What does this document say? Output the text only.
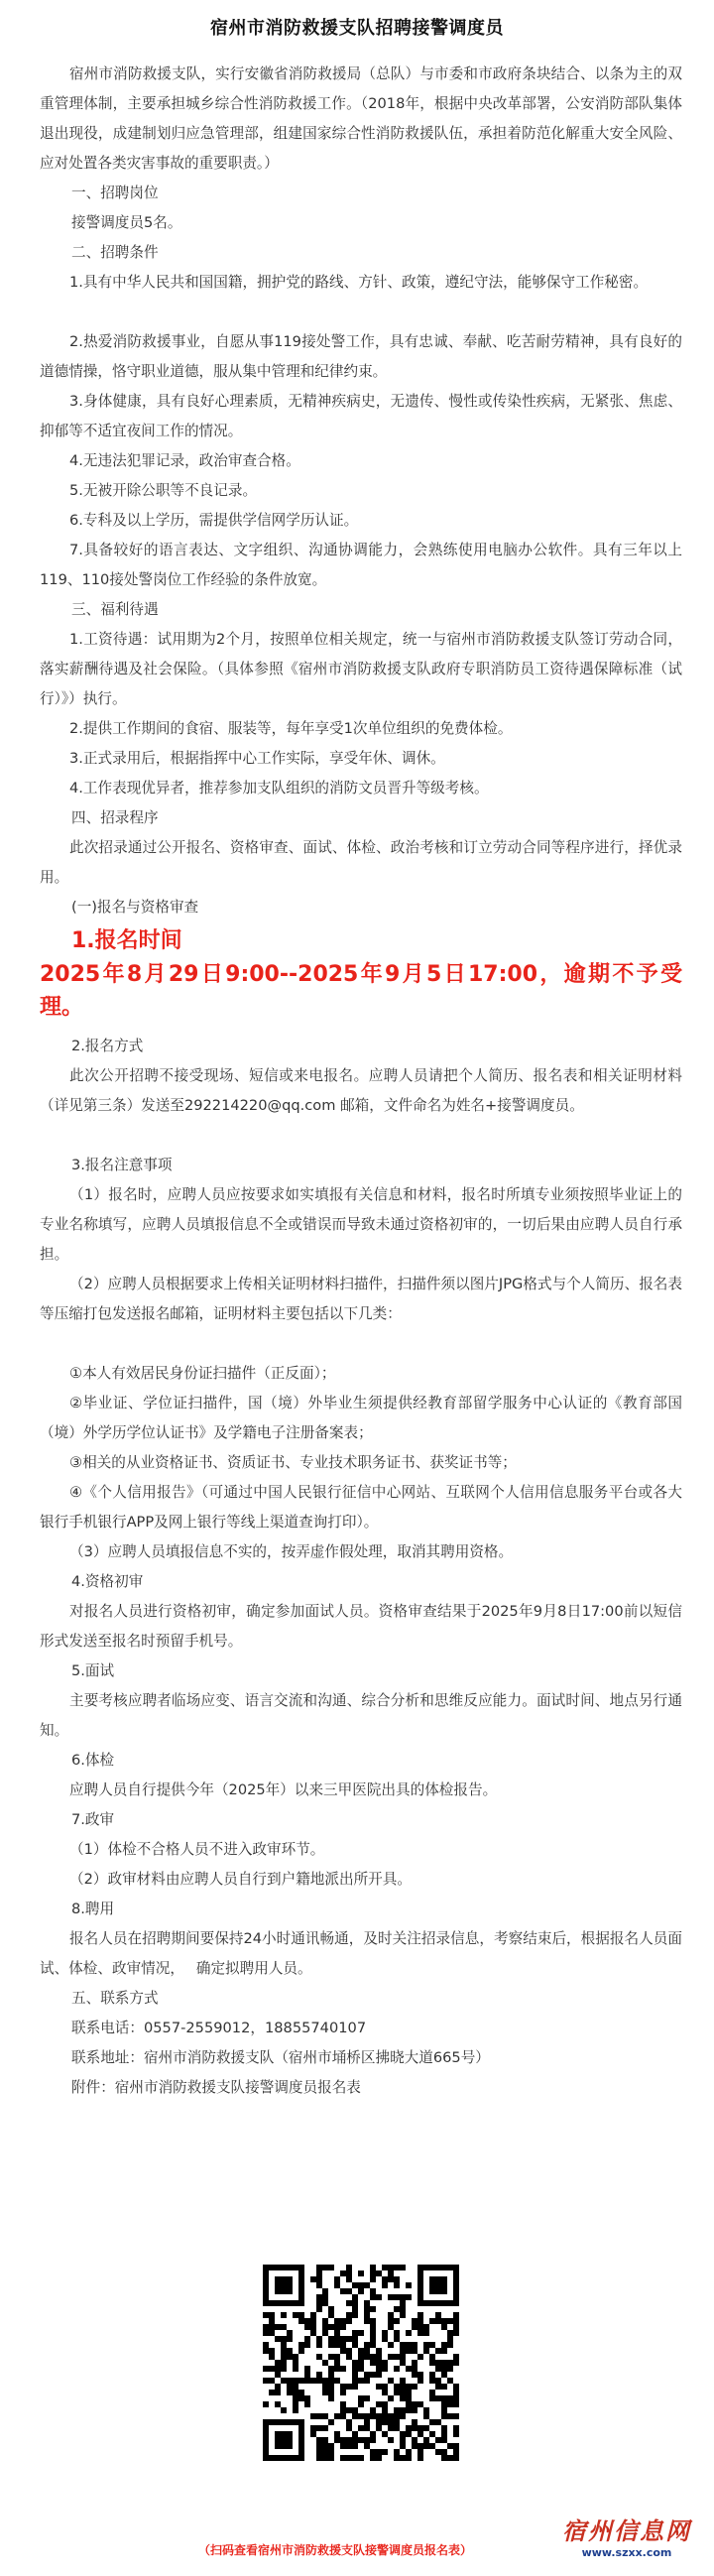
宿州市消防救援支队招聘接警调度员

宿州市消防救援支队，实行安徽省消防救援局（总队）与市委和市政府条块结合、以条为主的双重管理体制，主要承担城乡综合性消防救援工作。（2018年，根据中央改革部署，公安消防部队集体退出现役，成建制划归应急管理部，组建国家综合性消防救援队伍，承担着防范化解重大安全风险、应对处置各类灾害事故的重要职责。）

一、招聘岗位

接警调度员5名。

二、招聘条件

1.具有中华人民共和国国籍，拥护党的路线、方针、政策，遵纪守法，能够保守工作秘密。

2.热爱消防救援事业，自愿从事119接处警工作，具有忠诚、奉献、吃苦耐劳精神，具有良好的道德情操，恪守职业道德，服从集中管理和纪律约束。

3.身体健康，具有良好心理素质，无精神疾病史，无遗传、慢性或传染性疾病，无紧张、焦虑、抑郁等不适宜夜间工作的情况。

4.无违法犯罪记录，政治审查合格。

5.无被开除公职等不良记录。

6.专科及以上学历，需提供学信网学历认证。

7.具备较好的语言表达、文字组织、沟通协调能力，会熟练使用电脑办公软件。具有三年以上119、110接处警岗位工作经验的条件放宽。

三、福利待遇

1.工资待遇：试用期为2个月，按照单位相关规定，统一与宿州市消防救援支队签订劳动合同，落实薪酬待遇及社会保险。（具体参照《宿州市消防救援支队政府专职消防员工资待遇保障标准（试行）》）执行。

2.提供工作期间的食宿、服装等，每年享受1次单位组织的免费体检。

3.正式录用后，根据指挥中心工作实际，享受年休、调休。

4.工作表现优异者，推荐参加支队组织的消防文员晋升等级考核。

四、招录程序

此次招录通过公开报名、资格审查、面试、体检、政治考核和订立劳动合同等程序进行，择优录用。

(一)报名与资格审查

1.报名时间

2025年8月29日9:00--2025年9月5日17:00，逾期不予受理。

2.报名方式

此次公开招聘不接受现场、短信或来电报名。应聘人员请把个人简历、报名表和相关证明材料（详见第三条）发送至292214220@qq.com 邮箱，文件命名为姓名+接警调度员。

3.报名注意事项

（1）报名时，应聘人员应按要求如实填报有关信息和材料，报名时所填专业须按照毕业证上的专业名称填写，应聘人员填报信息不全或错误而导致未通过资格初审的，一切后果由应聘人员自行承担。

（2）应聘人员根据要求上传相关证明材料扫描件，扫描件须以图片JPG格式与个人简历、报名表等压缩打包发送报名邮箱，证明材料主要包括以下几类：

①本人有效居民身份证扫描件（正反面）；

②毕业证、学位证扫描件，国（境）外毕业生须提供经教育部留学服务中心认证的《教育部国（境）外学历学位认证书》及学籍电子注册备案表；

③相关的从业资格证书、资质证书、专业技术职务证书、获奖证书等；

④《个人信用报告》（可通过中国人民银行征信中心网站、互联网个人信用信息服务平台或各大银行手机银行APP及网上银行等线上渠道查询打印）。

（3）应聘人员填报信息不实的，按弄虚作假处理，取消其聘用资格。

4.资格初审

对报名人员进行资格初审，确定参加面试人员。资格审查结果于2025年9月8日17:00前以短信形式发送至报名时预留手机号。

5.面试

主要考核应聘者临场应变、语言交流和沟通、综合分析和思维反应能力。面试时间、地点另行通知。

6.体检

应聘人员自行提供今年（2025年）以来三甲医院出具的体检报告。

7.政审

（1）体检不合格人员不进入政审环节。

（2）政审材料由应聘人员自行到户籍地派出所开具。

8.聘用

报名人员在招聘期间要保持24小时通讯畅通，及时关注招录信息，考察结束后，根据报名人员面试、体检、政审情况，　 确定拟聘用人员。

五、联系方式

联系电话：0557-2559012，18855740107

联系地址：宿州市消防救援支队（宿州市埇桥区拂晓大道665号）

附件：宿州市消防救援支队接警调度员报名表

（扫码查看宿州市消防救援支队接警调度员报名表）
宿州信息网
www.szxx.com
